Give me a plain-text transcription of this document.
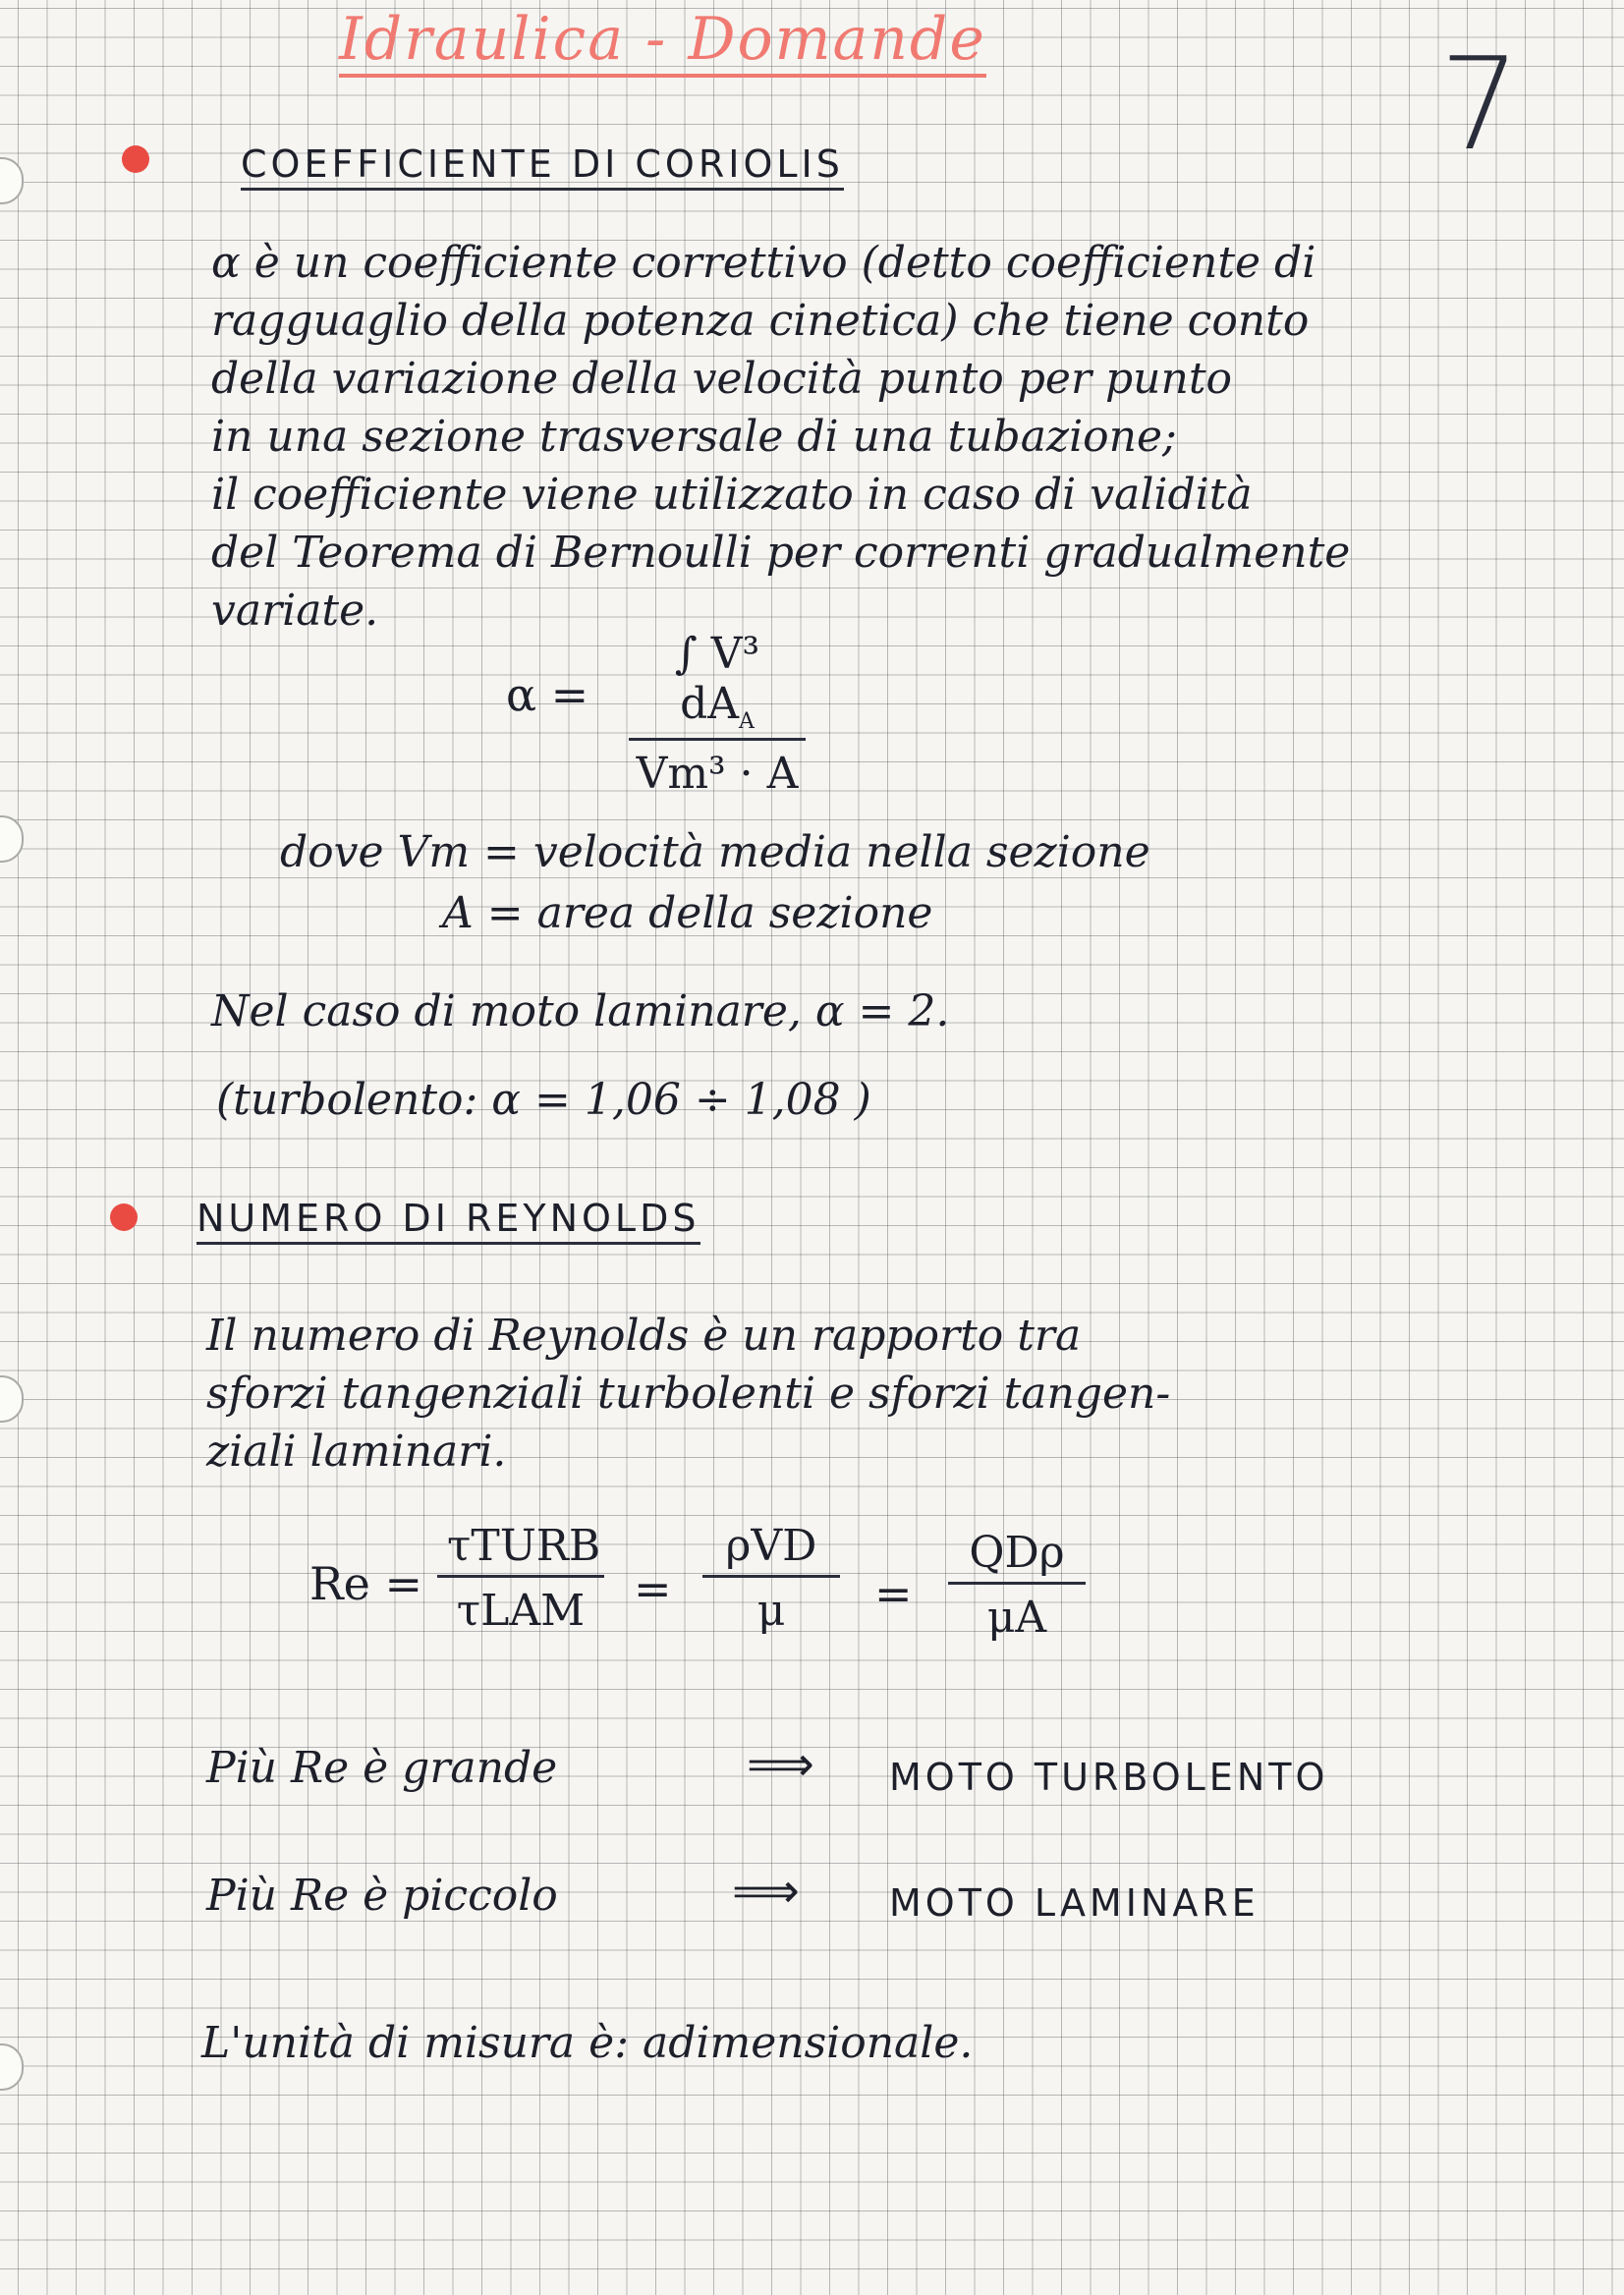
Idraulica - Domande	7
COEFFICIENTE DI CORIOLIS
α è un coefficiente correttivo (detto coefficiente di
ragguaglio della potenza cinetica) che tiene conto
della variazione della velocità punto per punto
in una sezione trasversale di una tubazione;
il coefficiente viene utilizzato in caso di validità
del Teorema di Bernoulli per correnti gradualmente
variate.
α =
∫ V³ $dA_A$
Vm³ · A
dove Vm = velocità media nella sezione
A = area della sezione
Nel caso di moto laminare, α = 2.
(turbolento: α = 1,06 ÷ 1,08 )
NUMERO DI REYNOLDS
Il numero di Reynolds è un rapporto tra
sforzi tangenziali turbolenti e sforzi tangen-
ziali laminari.
Re =
τTURB
τLAM	=
ρVD
μ	=
QDρ
μA
Più Re è grande	⟹ MOTO TURBOLENTO
Più Re è piccolo	⟹ MOTO LAMINARE
L'unità di misura è: adimensionale.
